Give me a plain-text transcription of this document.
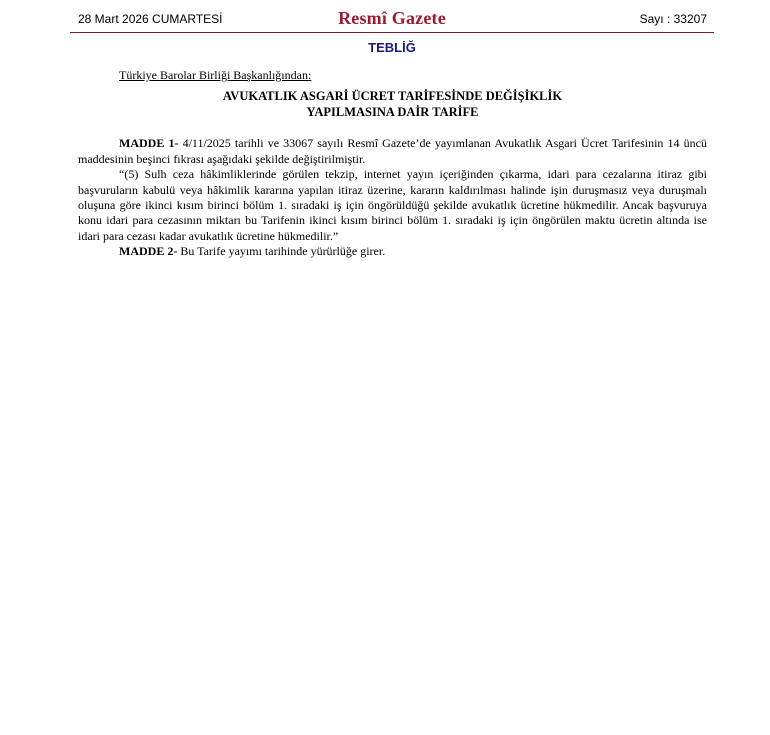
28 Mart 2026 CUMARTESİ	Resmî Gazete	Sayı : 33207
TEBLİĞ

Türkiye Barolar Birliği Başkanlığından:

AVUKATLIK ASGARİ ÜCRET TARİFESİNDE DEĞİŞİKLİK

YAPILMASINA DAİR TARİFE

MADDE 1- 4/11/2025 tarihli ve 33067 sayılı Resmî Gazete’de yayımlanan Avukatlık Asgari Ücret Tarifesinin 14 üncü maddesinin beşinci fıkrası aşağıdaki şekilde değiştirilmiştir.

“(5) Sulh ceza hâkimliklerinde görülen tekzip, internet yayın içeriğinden çıkarma, idari para cezalarına itiraz gibi başvuruların kabulü veya hâkimlik kararına yapılan itiraz üzerine, kararın kaldırılması halinde işin duruşmasız veya duruşmalı oluşuna göre ikinci kısım birinci bölüm 1. sıradaki iş için öngörüldüğü şekilde avukatlık ücretine hükmedilir. Ancak başvuruya konu idari para cezasının miktarı bu Tarifenin ikinci kısım birinci bölüm 1. sıradaki iş için öngörülen maktu ücretin altında ise idari para cezası kadar avukatlık ücretine hükmedilir.”

MADDE 2- Bu Tarife yayımı tarihinde yürürlüğe girer.
